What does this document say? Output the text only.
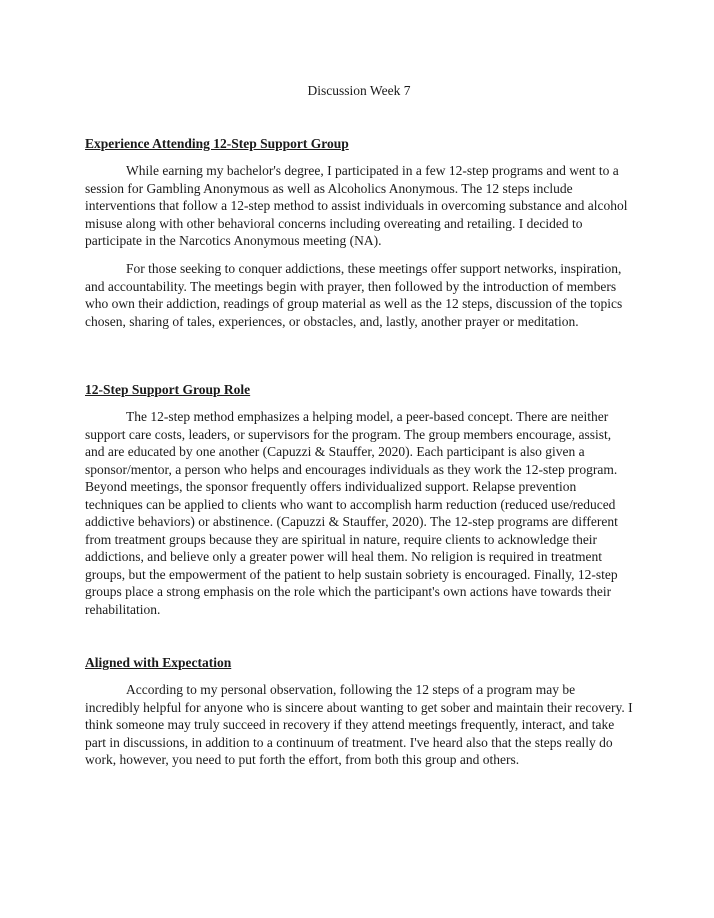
Discussion Week 7
Experience Attending 12-Step Support Group

While earning my bachelor's degree, I participated in a few 12-step programs and went to a session for Gambling Anonymous as well as Alcoholics Anonymous. The 12 steps include interventions that follow a 12-step method to assist individuals in overcoming substance and alcohol misuse along with other behavioral concerns including overeating and retailing. I decided to participate in the Narcotics Anonymous meeting (NA).

For those seeking to conquer addictions, these meetings offer support networks, inspiration, and accountability. The meetings begin with prayer, then followed by the introduction of members who own their addiction, readings of group material as well as the 12 steps, discussion of the topics chosen, sharing of tales, experiences, or obstacles, and, lastly, another prayer or meditation.

12-Step Support Group Role

The 12-step method emphasizes a helping model, a peer-based concept. There are neither support care costs, leaders, or supervisors for the program. The group members encourage, assist, and are educated by one another (Capuzzi & Stauffer, 2020). Each participant is also given a sponsor/mentor, a person who helps and encourages individuals as they work the 12-step program. Beyond meetings, the sponsor frequently offers individualized support. Relapse prevention techniques can be applied to clients who want to accomplish harm reduction (reduced use/reduced addictive behaviors) or abstinence. (Capuzzi & Stauffer, 2020). The 12-step programs are different from treatment groups because they are spiritual in nature, require clients to acknowledge their addictions, and believe only a greater power will heal them. No religion is required in treatment groups, but the empowerment of the patient to help sustain sobriety is encouraged. Finally, 12-step groups place a strong emphasis on the role which the participant's own actions have towards their rehabilitation.

Aligned with Expectation

According to my personal observation, following the 12 steps of a program may be incredibly helpful for anyone who is sincere about wanting to get sober and maintain their recovery. I think someone may truly succeed in recovery if they attend meetings frequently, interact, and take part in discussions, in addition to a continuum of treatment. I've heard also that the steps really do work, however, you need to put forth the effort, from both this group and others.
